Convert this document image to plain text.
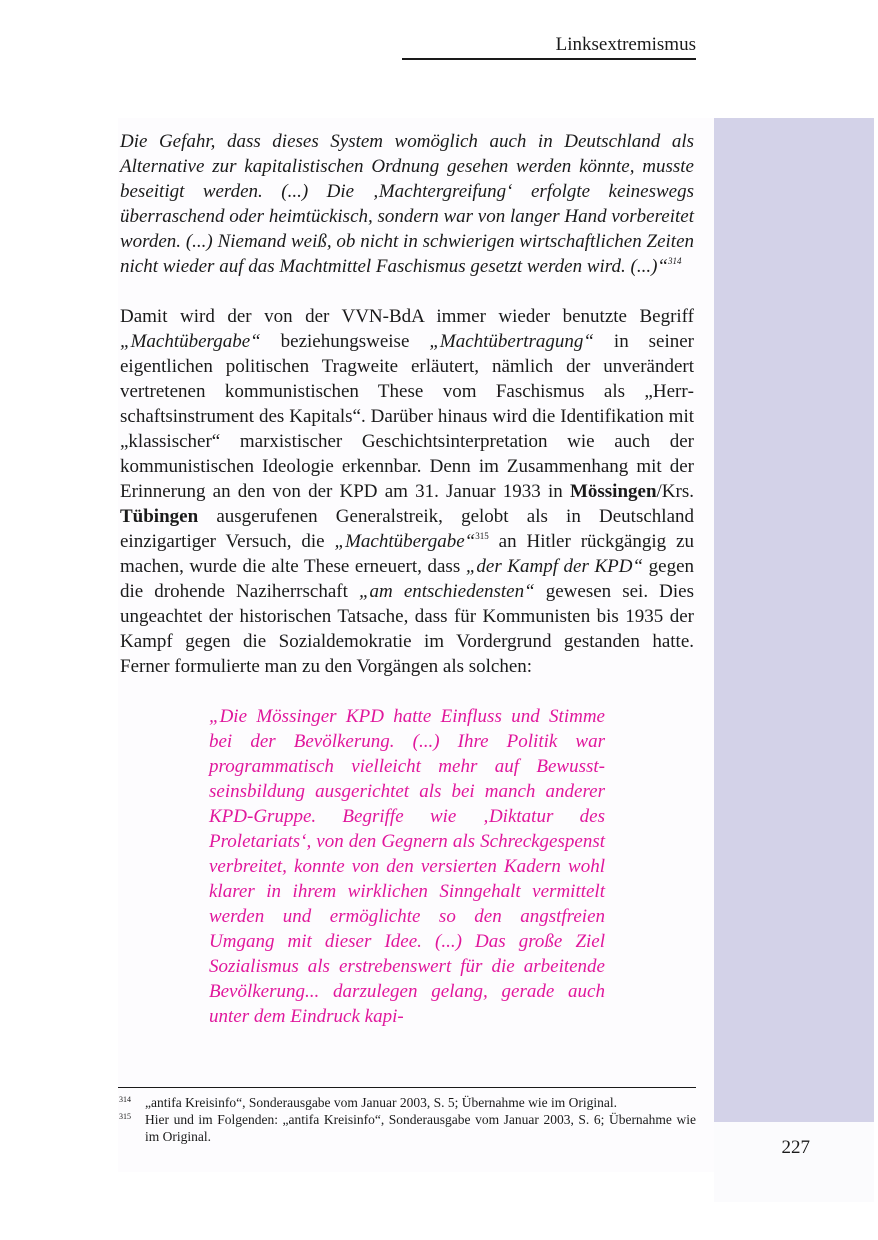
Linksextremismus
227

Die Gefahr, dass dieses System womöglich auch in Deutschland als Alternative zur kapitalistischen Ordnung gesehen werden könnte, musste beseitigt werden. (...) Die ‚Machtergreifung‘ erfolgte keineswegs überraschend oder heimtückisch, sondern war von langer Hand vorbereitet worden. (...) Niemand weiß, ob nicht in schwierigen wirtschaftlichen Zeiten nicht wieder auf das Machtmittel Faschismus gesetzt werden wird. (...)“$^{314}$

Damit wird der von der VVN-BdA immer wieder benutzte Begriff „Machtübergabe“ beziehungsweise „Machtübertragung“ in seiner eigentlichen politischen Tragweite erläutert, nämlich der unverändert vertretenen kommunistischen These vom Faschismus als „Herrschaftsinstrument des Kapitals“. Darüber hinaus wird die Identifikation mit „klassischer“ marxistischer Geschichtsinterpretation wie auch der kommunistischen Ideologie erkennbar. Denn im Zusammenhang mit der Erinnerung an den von der KPD am 31. Januar 1933 in Mössingen/Krs. Tübingen ausgerufenen Generalstreik, gelobt als in Deutschland einzigartiger Versuch, die „Machtübergabe“$^{315}$ an Hitler rückgängig zu machen, wurde die alte These erneuert, dass „der Kampf der KPD“ gegen die drohende Naziherrschaft „am entschiedensten“ gewesen sei. Dies ungeachtet der historischen Tatsache, dass für Kommunisten bis 1935 der Kampf gegen die Sozialdemokratie im Vordergrund gestanden hatte. Ferner formulierte man zu den Vorgängen als solchen:

„Die Mössinger KPD hatte Einfluss und Stimme bei der Bevölkerung. (...) Ihre Politik war programmatisch vielleicht mehr auf Bewusstseinsbildung ausgerichtet als bei manch anderer KPD-Gruppe. Begriffe wie ‚Diktatur des Proletariats‘, von den Gegnern als Schreckgespenst verbreitet, konnte von den versierten Kadern wohl klarer in ihrem wirklichen Sinngehalt vermittelt werden und ermöglichte so den angstfreien Umgang mit dieser Idee. (...) Das große Ziel Sozialismus als erstrebenswert für die arbeitende Bevölkerung... darzulegen gelang, gerade auch unter dem Eindruck kapi-

314	„antifa Kreisinfo“, Sonderausgabe vom Januar 2003, S. 5; Übernahme wie im Original.
315	Hier und im Folgenden: „antifa Kreisinfo“, Sonderausgabe vom Januar 2003, S. 6; Übernahme wie im Original.
